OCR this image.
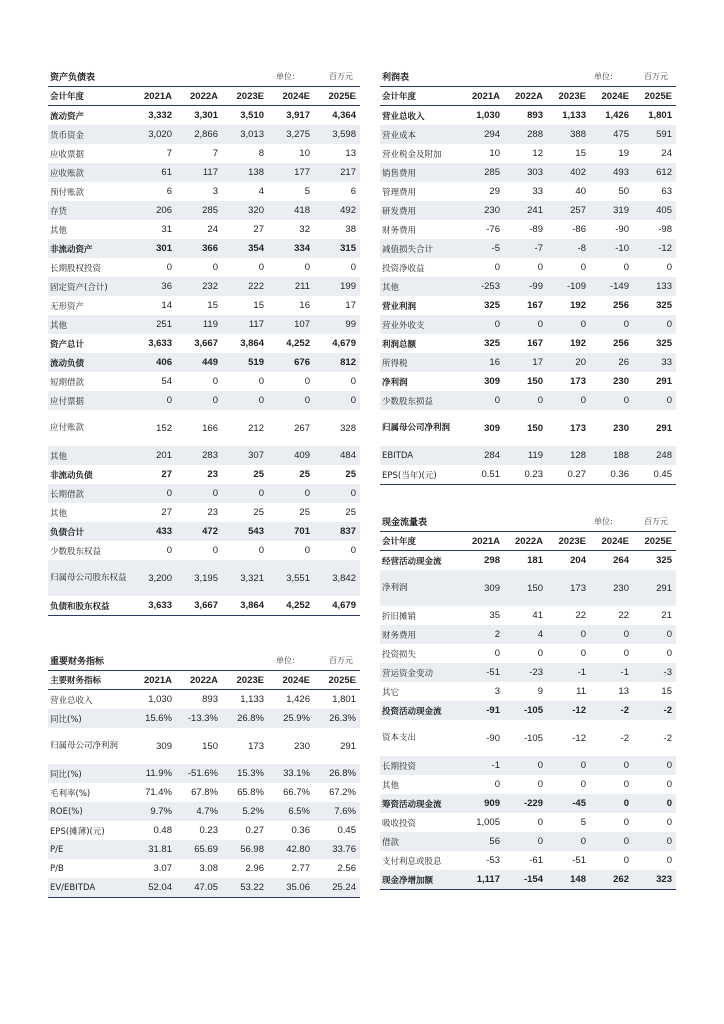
资产负债表	单位:	百万元
会计年度	2021A	2022A	2023E	2024E	2025E
流动资产	3,332	3,301	3,510	3,917	4,364
货币资金	3,020	2,866	3,013	3,275	3,598
应收票据	7	7	8	10	13
应收账款	61	117	138	177	217
预付账款	6	3	4	5	6
存货	206	285	320	418	492
其他	31	24	27	32	38
非流动资产	301	366	354	334	315
长期股权投资	0	0	0	0	0
固定资产(合计)	36	232	222	211	199
无形资产	14	15	15	16	17
其他	251	119	117	107	99
资产总计	3,633	3,667	3,864	4,252	4,679
流动负债	406	449	519	676	812
短期借款	54	0	0	0	0
应付票据	0	0	0	0	0
应付账款	152	166	212	267	328
其他	201	283	307	409	484
非流动负债	27	23	25	25	25
长期借款	0	0	0	0	0
其他	27	23	25	25	25
负债合计	433	472	543	701	837
少数股东权益	0	0	0	0	0
归属母公司股东权益	3,200	3,195	3,321	3,551	3,842
负债和股东权益	3,633	3,667	3,864	4,252	4,679
重要财务指标	单位:	百万元
主要财务指标	2021A	2022A	2023E	2024E	2025E
营业总收入	1,030	893	1,133	1,426	1,801
同比(%)	15.6%	-13.3%	26.8%	25.9%	26.3%
归属母公司净利润	309	150	173	230	291
同比(%)	11.9%	-51.6%	15.3%	33.1%	26.8%
毛利率(%)	71.4%	67.8%	65.8%	66.7%	67.2%
ROE(%)	9.7%	4.7%	5.2%	6.5%	7.6%
EPS(摊薄)(元)	0.48	0.23	0.27	0.36	0.45
P/E	31.81	65.69	56.98	42.80	33.76
P/B	3.07	3.08	2.96	2.77	2.56
EV/EBITDA	52.04	47.05	53.22	35.06	25.24
利润表	单位:	百万元
会计年度	2021A	2022A	2023E	2024E	2025E
营业总收入	1,030	893	1,133	1,426	1,801
营业成本	294	288	388	475	591
营业税金及附加	10	12	15	19	24
销售费用	285	303	402	493	612
管理费用	29	33	40	50	63
研发费用	230	241	257	319	405
财务费用	-76	-89	-86	-90	-98
减值损失合计	-5	-7	-8	-10	-12
投资净收益	0	0	0	0	0
其他	-253	-99	-109	-149	133
营业利润	325	167	192	256	325
营业外收支	0	0	0	0	0
利润总额	325	167	192	256	325
所得税	16	17	20	26	33
净利润	309	150	173	230	291
少数股东损益	0	0	0	0	0
归属母公司净利润	309	150	173	230	291
EBITDA	284	119	128	188	248
EPS(当年)(元)	0.51	0.23	0.27	0.36	0.45
现金流量表	单位:	百万元
会计年度	2021A	2022A	2023E	2024E	2025E
经营活动现金流	298	181	204	264	325
净利润	309	150	173	230	291
折旧摊销	35	41	22	22	21
财务费用	2	4	0	0	0
投资损失	0	0	0	0	0
营运资金变动	-51	-23	-1	-1	-3
其它	3	9	11	13	15
投资活动现金流	-91	-105	-12	-2	-2
资本支出	-90	-105	-12	-2	-2
长期投资	-1	0	0	0	0
其他	0	0	0	0	0
筹资活动现金流	909	-229	-45	0	0
吸收投资	1,005	0	5	0	0
借款	56	0	0	0	0
支付利息或股息	-53	-61	-51	0	0
现金净增加额	1,117	-154	148	262	323
